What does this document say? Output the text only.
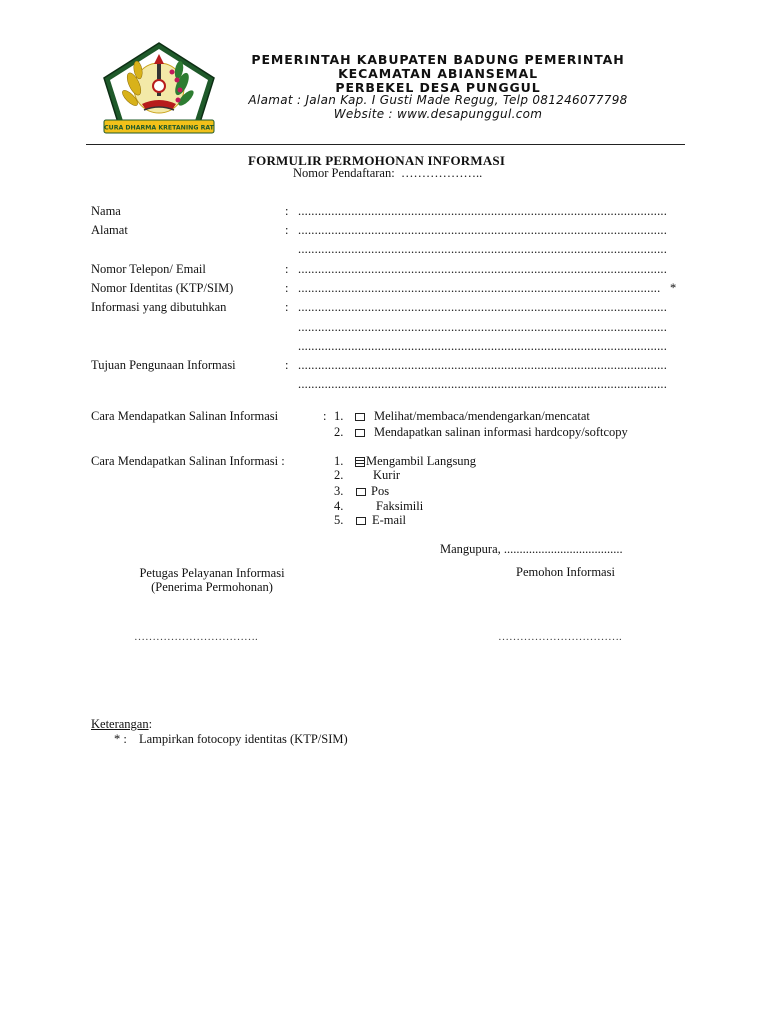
CURA DHARMA KRETANING RAT
PEMERINTAH KABUPATEN BADUNG PEMERINTAH
KECAMATAN ABIANSEMAL
PERBEKEL DESA PUNGGUL
Alamat : Jalan Kap. I Gusti Made Regug, Telp 081246077798
Website : www.desapunggul.com
FORMULIR PERMOHONAN INFORMASI
Nomor Pendaftaran: ………………..
Nama	: ...............................................................................................................
Alamat	: ...............................................................................................................
...............................................................................................................
Nomor Telepon/ Email	: ...............................................................................................................
Nomor Identitas (KTP/SIM)	: ............................................................................................................. *
Informasi yang dibutuhkan	: ...............................................................................................................
...............................................................................................................
...............................................................................................................
Tujuan Pengunaan Informasi	: ...............................................................................................................
...............................................................................................................
Cara Mendapatkan Salinan Informasi	: 1. Melihat/membaca/mendengarkan/mencatat
2. Mendapatkan salinan informasi hardcopy/softcopy
Cara Mendapatkan Salinan Informasi :	1. Mengambil Langsung
2. Kurir
3. Pos
4.	Faksimili
5. E-mail
Mangupura, ......................................
Petugas Pelayanan Informasi
(Penerima Permohonan)
Pemohon Informasi
…………………………….	…………………………….
Keterangan:
* : Lampirkan fotocopy identitas (KTP/SIM)
